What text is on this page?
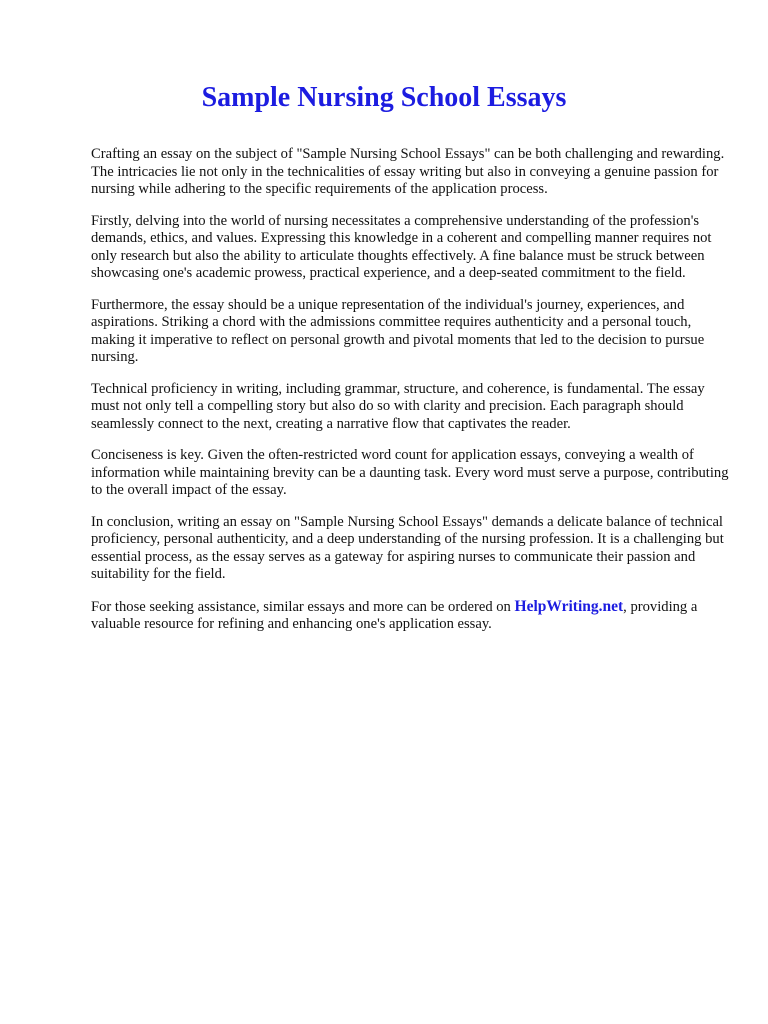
Sample Nursing School Essays

Crafting an essay on the subject of "Sample Nursing School Essays" can be both challenging and rewarding. The intricacies lie not only in the technicalities of essay writing but also in conveying a genuine passion for nursing while adhering to the specific requirements of the application process.

Firstly, delving into the world of nursing necessitates a comprehensive understanding of the profession's demands, ethics, and values. Expressing this knowledge in a coherent and compelling manner requires not only research but also the ability to articulate thoughts effectively. A fine balance must be struck between showcasing one's academic prowess, practical experience, and a deep-seated commitment to the field.

Furthermore, the essay should be a unique representation of the individual's journey, experiences, and aspirations. Striking a chord with the admissions committee requires authenticity and a personal touch, making it imperative to reflect on personal growth and pivotal moments that led to the decision to pursue nursing.

Technical proficiency in writing, including grammar, structure, and coherence, is fundamental. The essay must not only tell a compelling story but also do so with clarity and precision. Each paragraph should seamlessly connect to the next, creating a narrative flow that captivates the reader.

Conciseness is key. Given the often-restricted word count for application essays, conveying a wealth of information while maintaining brevity can be a daunting task. Every word must serve a purpose, contributing to the overall impact of the essay.

In conclusion, writing an essay on "Sample Nursing School Essays" demands a delicate balance of technical proficiency, personal authenticity, and a deep understanding of the nursing profession. It is a challenging but essential process, as the essay serves as a gateway for aspiring nurses to communicate their passion and suitability for the field.

For those seeking assistance, similar essays and more can be ordered on HelpWriting.net, providing a valuable resource for refining and enhancing one's application essay.
